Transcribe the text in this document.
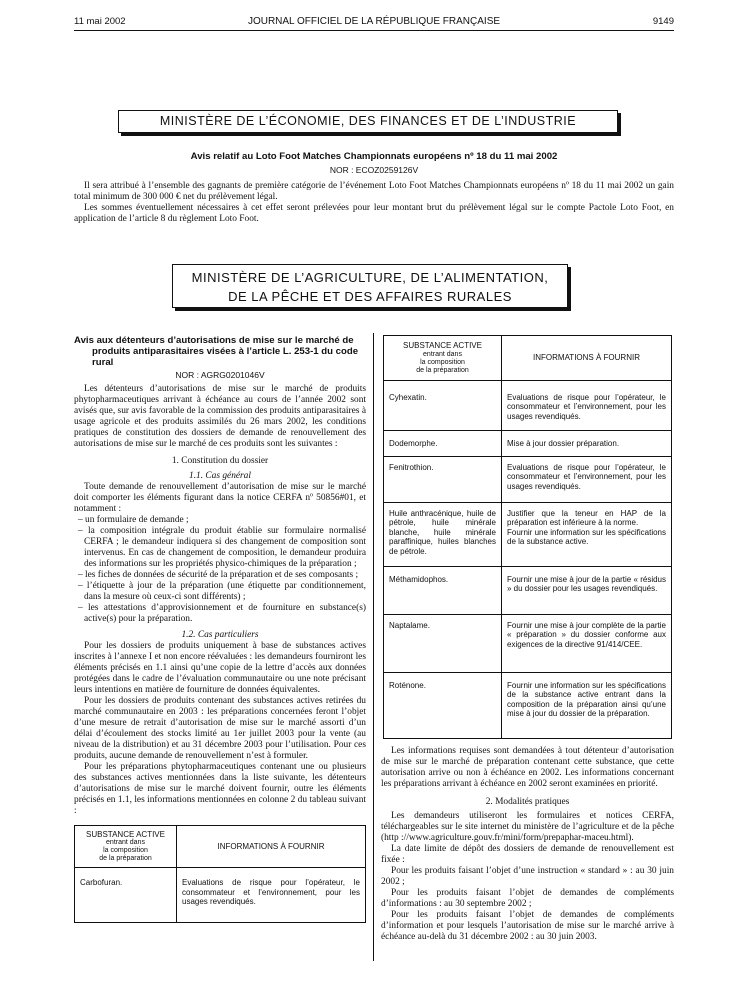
11 mai 2002	JOURNAL OFFICIEL DE LA RÉPUBLIQUE FRANÇAISE	9149
MINISTÈRE DE L’ÉCONOMIE, DES FINANCES ET DE L’INDUSTRIE
Avis relatif au Loto Foot Matches Championnats européens nº 18 du 11 mai 2002
NOR : ECOZ0259126V

Il sera attribué à l’ensemble des gagnants de première catégorie de l’événement Loto Foot Matches Championnats européens nº 18 du 11 mai 2002 un gain total minimum de 300 000 € net du prélèvement légal.

Les sommes éventuellement nécessaires à cet effet seront prélevées pour leur montant brut du prélèvement légal sur le compte Pactole Loto Foot, en application de l’article 8 du règlement Loto Foot.

MINISTÈRE DE L’AGRICULTURE, DE L’ALIMENTATION,
DE LA PÊCHE ET DES AFFAIRES RURALES
Avis aux détenteurs d’autorisations de mise sur le marché de produits antiparasitaires visées à l’article L. 253-1 du code rural
NOR : AGRG0201046V

Les détenteurs d’autorisations de mise sur le marché de produits phytopharmaceutiques arrivant à échéance au cours de l’année 2002 sont avisés que, sur avis favorable de la commission des produits antiparasitaires à usage agricole et des produits assimilés du 26 mars 2002, les conditions pratiques de constitution des dossiers de demande de renouvellement des autorisations de mise sur le marché de ces produits sont les suivantes :

1. Constitution du dossier
1.1. Cas général

Toute demande de renouvellement d’autorisation de mise sur le marché doit comporter les éléments figurant dans la notice CERFA nº 50856#01, et notamment :

– un formulaire de demande ;

– la composition intégrale du produit établie sur formulaire normalisé CERFA ; le demandeur indiquera si des changement de composition sont intervenus. En cas de changement de composition, le demandeur produira des informations sur les propriétés physico-chimiques de la préparation ;

– les fiches de données de sécurité de la préparation et de ses composants ;

– l’étiquette à jour de la préparation (une étiquette par conditionnement, dans la mesure où ceux-ci sont différents) ;

– les attestations d’approvisionnement et de fourniture en substance(s) active(s) pour la préparation.

1.2. Cas particuliers

Pour les dossiers de produits uniquement à base de substances actives inscrites à l’annexe I et non encore réévaluées : les demandeurs fourniront les éléments précisés en 1.1 ainsi qu’une copie de la lettre d’accès aux données protégées dans le cadre de l’évaluation communautaire ou une note précisant leurs intentions en matière de fourniture de données équivalentes.

Pour les dossiers de produits contenant des substances actives retirées du marché communautaire en 2003 : les préparations concernées feront l’objet d’une mesure de retrait d’autorisation de mise sur le marché assorti d’un délai d’écoulement des stocks limité au 1er juillet 2003 pour la vente (au niveau de la distribution) et au 31 décembre 2003 pour l’utilisation. Pour ces produits, aucune demande de renouvellement n’est à formuler.

Pour les préparations phytopharmaceutiques contenant une ou plusieurs des substances actives mentionnées dans la liste suivante, les détenteurs d’autorisations de mise sur le marché doivent fournir, outre les éléments précisés en 1.1, les informations mentionnées en colonne 2 du tableau suivant :

SUBSTANCE ACTIVE
entrant dans
la composition
de la préparation	INFORMATIONS À FOURNIR
Carbofuran.	Evaluations de risque pour l’opérateur, le consommateur et l’environnement, pour les usages revendiqués.
SUBSTANCE ACTIVE
entrant dans
la composition
de la préparation	INFORMATIONS À FOURNIR
Cyhexatin.	Evaluations de risque pour l’opérateur, le consommateur et l’environnement, pour les usages revendiqués.
Dodemorphe.	Mise à jour dossier préparation.
Fenitrothion.	Evaluations de risque pour l’opérateur, le consommateur et l’environnement, pour les usages revendiqués.
Huile anthracénique, huile de pétrole, huile minérale blanche, huile minérale paraffinique, huiles blanches de pétrole.	Justifier que la teneur en HAP de la préparation est inférieure à la norme.
Fournir une information sur les spécifications de la substance active.
Méthamidophos.	Fournir une mise à jour de la partie « résidus » du dossier pour les usages revendiqués.
Naptalame.	Fournir une mise à jour complète de la partie « préparation » du dossier conforme aux exigences de la directive 91/414/CEE.
Roténone.	Fournir une information sur les spécifications de la substance active entrant dans la composition de la préparation ainsi qu’une mise à jour du dossier de la préparation.

Les informations requises sont demandées à tout détenteur d’autorisation de mise sur le marché de préparation contenant cette substance, que cette autorisation arrive ou non à échéance en 2002. Les informations concernant les préparations arrivant à échéance en 2002 seront examinées en priorité.

2. Modalités pratiques

Les demandeurs utiliseront les formulaires et notices CERFA, téléchargeables sur le site internet du ministère de l’agriculture et de la pêche (http ://www.agriculture.gouv.fr/mini/form/prepaphar-maceu.html).

La date limite de dépôt des dossiers de demande de renouvellement est fixée :

Pour les produits faisant l’objet d’une instruction « standard » : au 30 juin 2002 ;

Pour les produits faisant l’objet de demandes de compléments d’informations : au 30 septembre 2002 ;

Pour les produits faisant l’objet de demandes de compléments d’information et pour lesquels l’autorisation de mise sur le marché arrive à échéance au-delà du 31 décembre 2002 : au 30 juin 2003.
